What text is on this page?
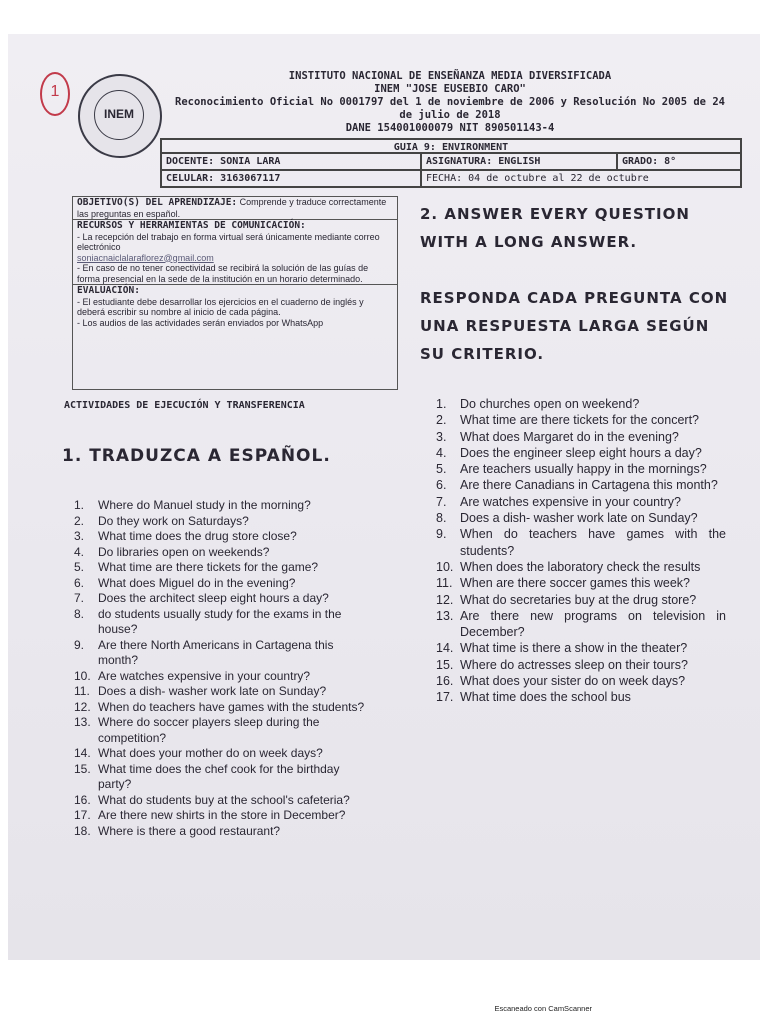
1
INEM
INSTITUTO NACIONAL DE ENSEÑANZA MEDIA DIVERSIFICADA
INEM "JOSE EUSEBIO CARO"
Reconocimiento Oficial No 0001797 del 1 de noviembre de 2006 y Resolución No 2005 de 24
de julio de 2018
DANE 154001000079 NIT 890501143-4
GUIA 9: ENVIRONMENT
DOCENTE: SONIA LARA	ASIGNATURA: ENGLISH	GRADO: 8°
CELULAR: 3163067117	FECHA: 04 de octubre al 22 de octubre
OBJETIVO(S) DEL APRENDIZAJE: Comprende y traduce correctamente las preguntas en español.
RECURSOS Y HERRAMIENTAS DE COMUNICACIÓN:
- La recepción del trabajo en forma virtual será únicamente mediante correo electrónico
soniacnaiclalaraflorez@gmail.com
- En caso de no tener conectividad se recibirá la solución de las guías de forma presencial en la sede de la institución en un horario determinado.
EVALUACIÓN:
- El estudiante debe desarrollar los ejercicios en el cuaderno de inglés y deberá escribir su nombre al inicio de cada página.
- Los audios de las actividades serán enviados por WhatsApp
ACTIVIDADES DE EJECUCIÓN Y TRANSFERENCIA
1. TRADUZCA A ESPAÑOL.
2. ANSWER EVERY QUESTION WITH A LONG ANSWER.
RESPONDA CADA PREGUNTA CON UNA RESPUESTA LARGA SEGÚN SU CRITERIO.
1. Where do Manuel study in the morning?
2. Do they work on Saturdays?
3. What time does the drug store close?
4. Do libraries open on weekends?
5. What time are there tickets for the game?
6. What does Miguel do in the evening?
7. Does the architect sleep eight hours a day?
8. do students usually study for the exams in the house?
9. Are there North Americans in Cartagena this month?
10. Are watches expensive in your country?
11. Does a dish- washer work late on Sunday?
12. When do teachers have games with the students?
13. Where do soccer players sleep during the competition?
14. What does your mother do on week days?
15. What time does the chef cook for the birthday party?
16. What do students buy at the school's cafeteria?
17. Are there new shirts in the store in December?
18. Where is there a good restaurant?
1. Do churches open on weekend?
2. What time are there tickets for the concert?
3. What does Margaret do in the evening?
4. Does the engineer sleep eight hours a day?
5. Are teachers usually happy in the mornings?
6. Are there Canadians in Cartagena this month?
7. Are watches expensive in your country?
8. Does a dish- washer work late on Sunday?
9. When do teachers have games with the students?
10. When does the laboratory check the results
11. When are there soccer games this week?
12. What do secretaries buy at the drug store?
13. Are there new programs on television in December?
14. What time is there a show in the theater?
15. Where do actresses sleep on their tours?
16. What does your sister do on week days?
17. What time does the school bus
Escaneado con CamScanner
